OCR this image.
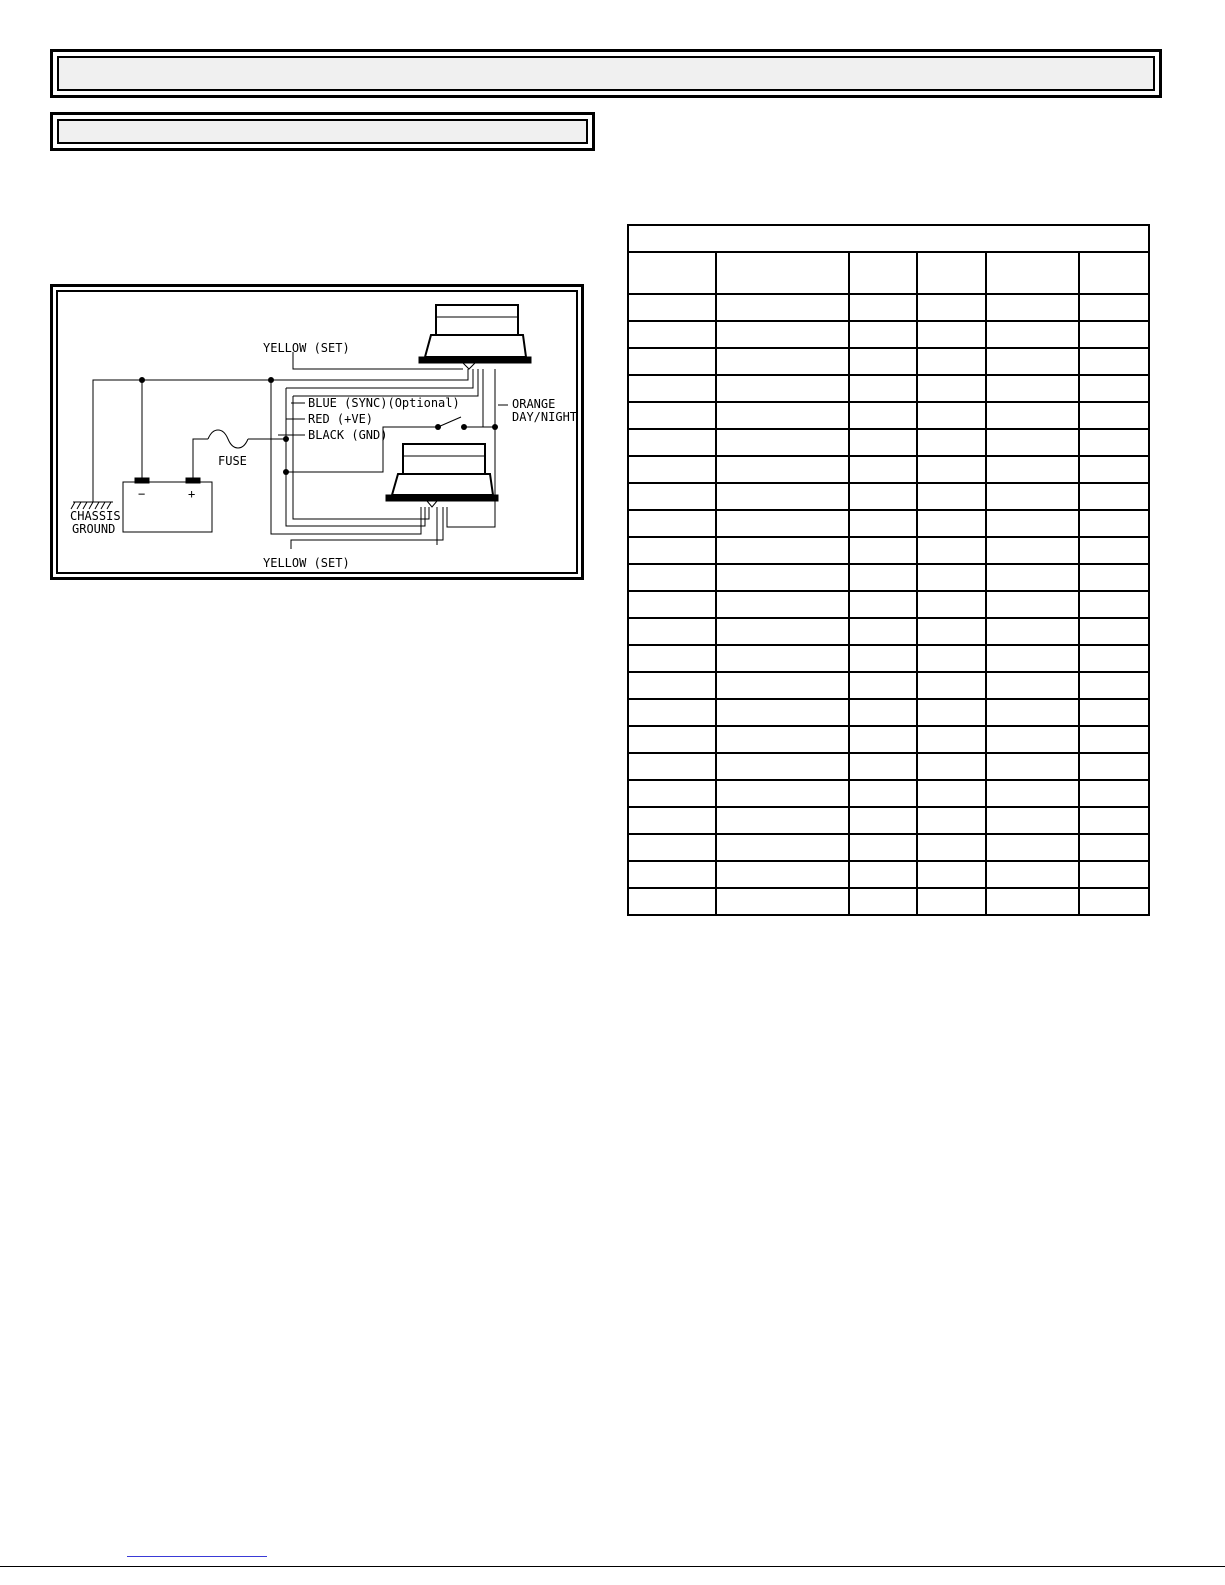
YELLOW (SET)
BLUE (SYNC)(Optional)
RED (+VE)
BLACK (GND)
ORANGE
DAY/NIGHT
FUSE
CHASSIS
GROUND
−	+
YELLOW (SET)
